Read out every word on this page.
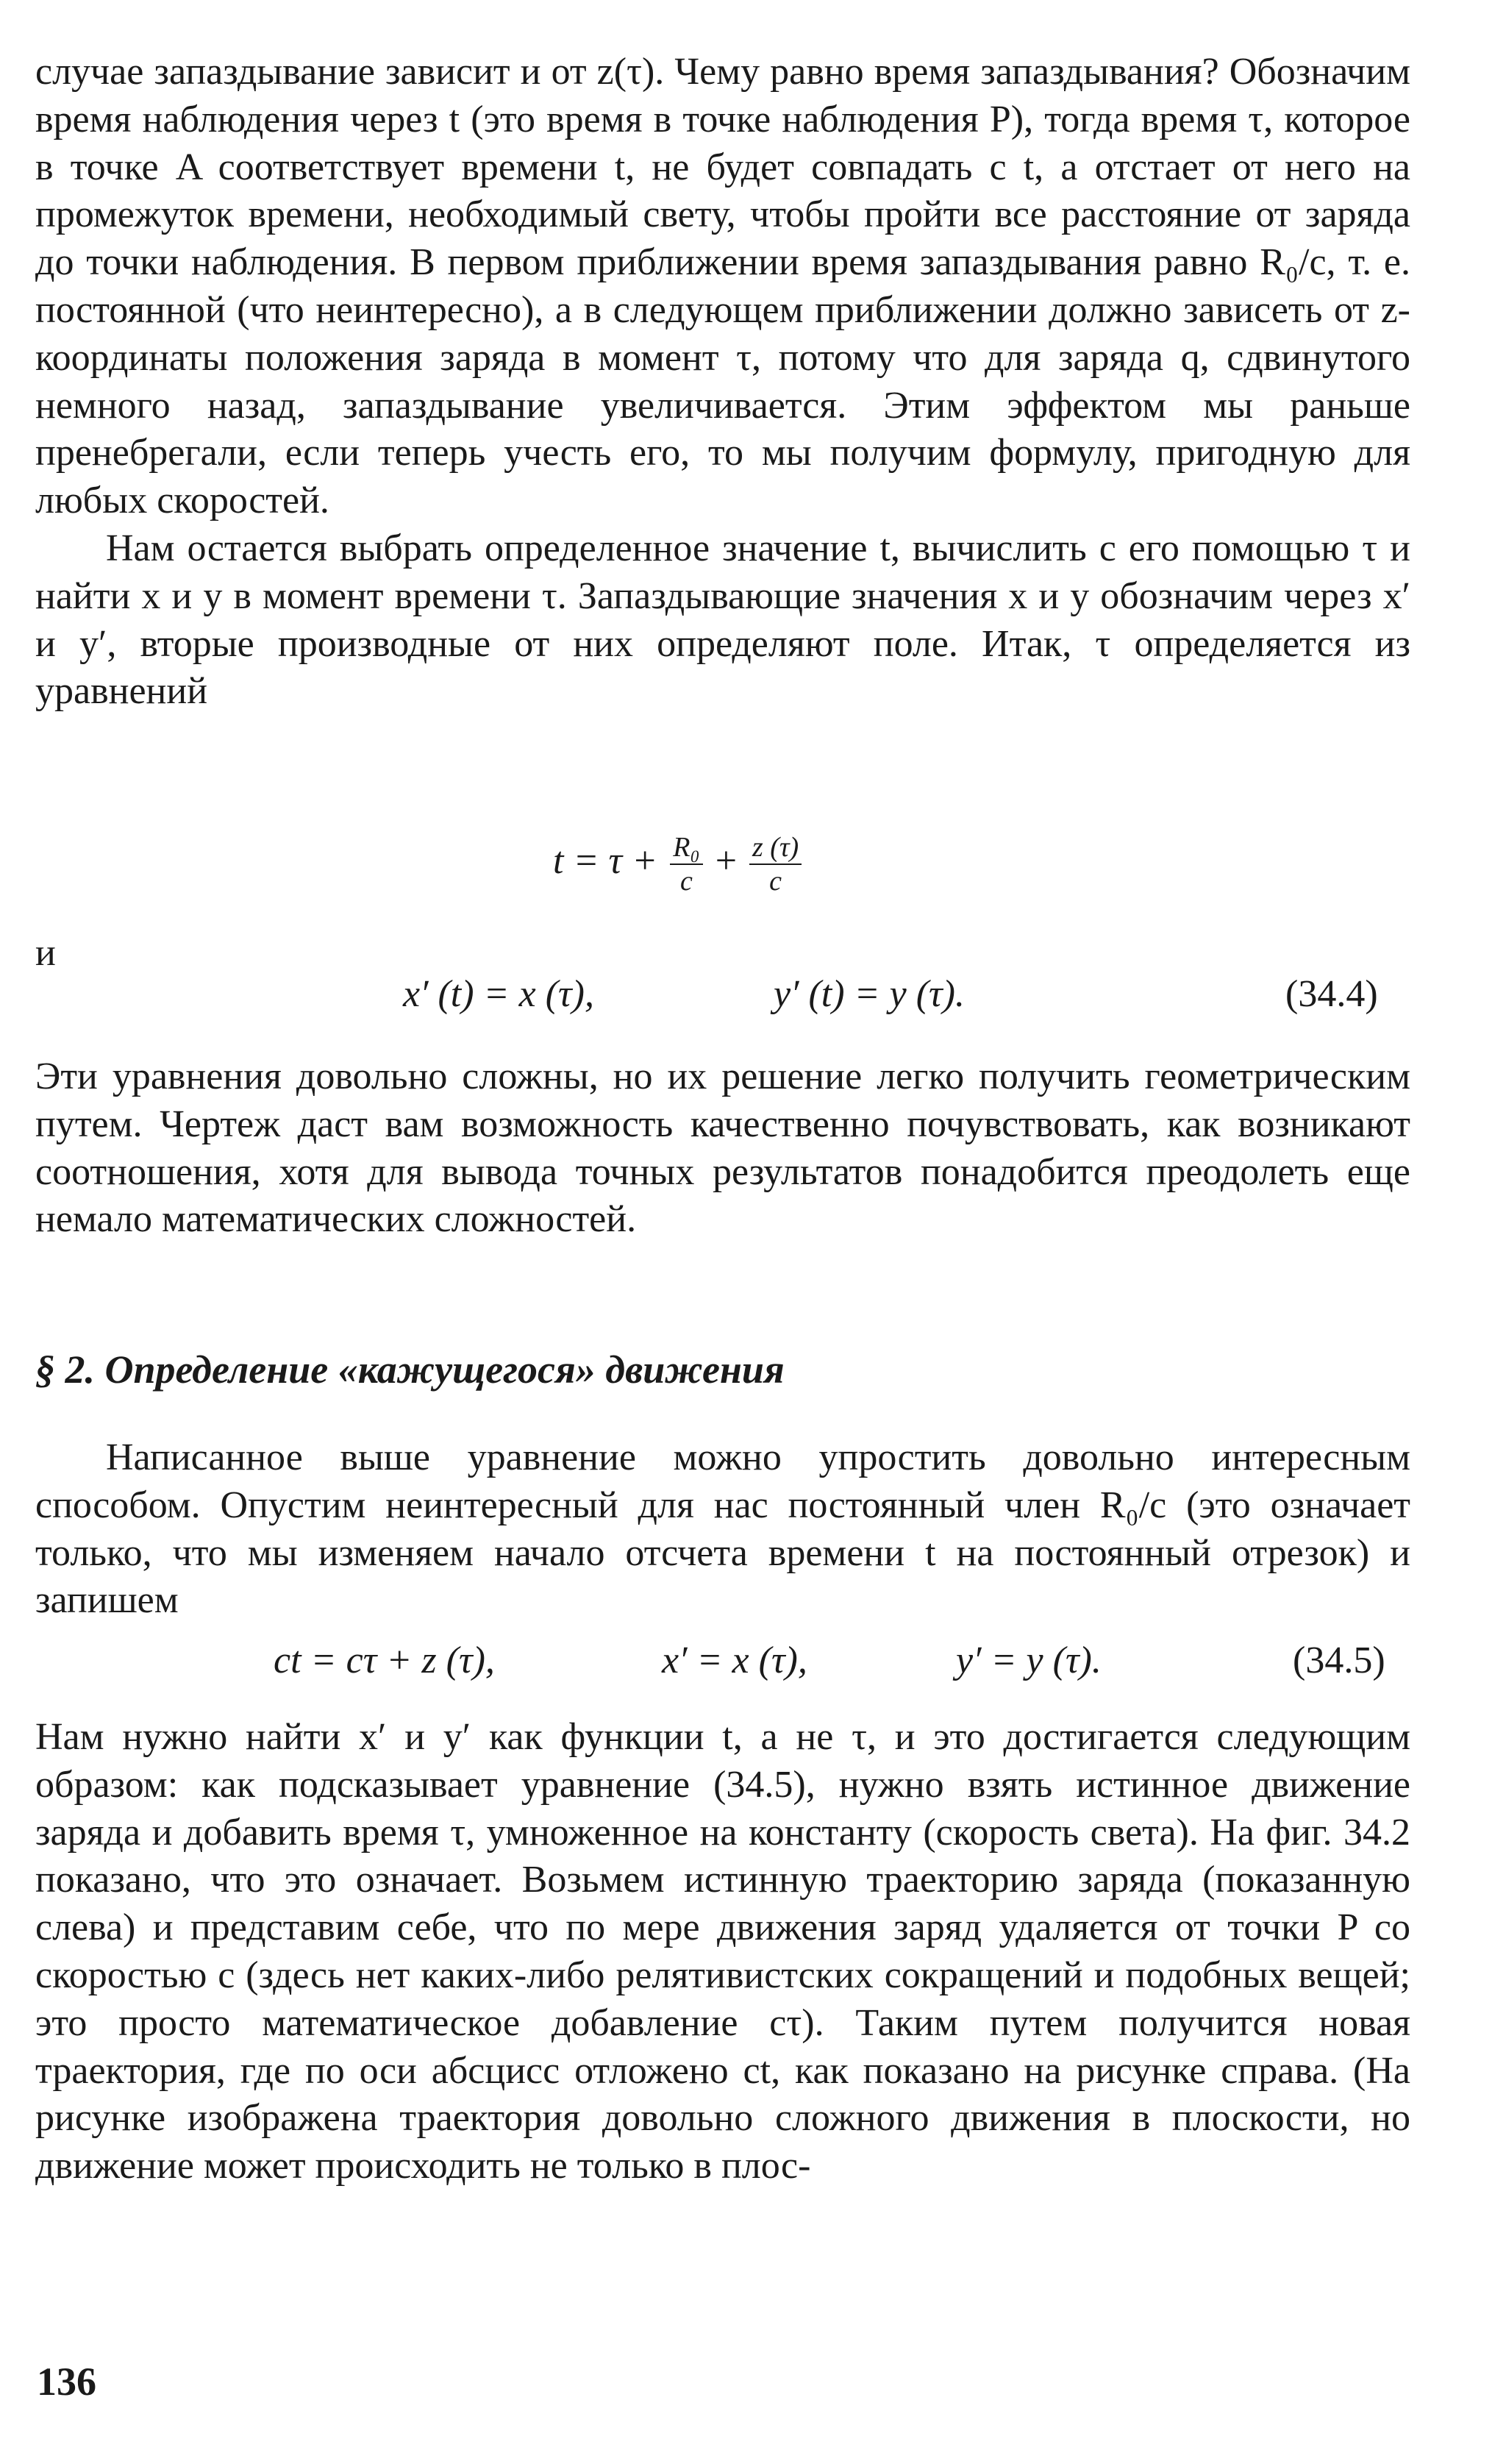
случае запаздывание зависит и от z(τ). Чему равно время запаздывания? Обозначим время наблюдения через t (это время в точке наблюдения P), тогда время τ, которое в точке A соответствует времени t, не будет совпадать с t, а отстает от него на промежуток времени, необходимый свету, чтобы пройти все расстояние от заряда до точки наблюдения. В первом приближении время запаздывания равно R₀/c, т. е. постоянной (что неинтересно), а в следующем приближении должно зависеть от z-координаты положения заряда в момент τ, потому что для заряда q, сдвинутого немного назад, запаздывание увеличивается. Этим эффектом мы раньше пренебрегали, если теперь учесть его, то мы получим формулу, пригодную для любых скоростей.

Нам остается выбрать определенное значение t, вычислить с его помощью τ и найти x и y в момент времени τ. Запаздывающие значения x и y обозначим через x′ и y′, вторые производные от них определяют поле. Итак, τ определяется из уравнений

$t = \tau + \frac{\text{R₀}}{c} + \frac{z (\tau)}{c}$
и
x′ (t) = x (τ),	y′ (t) = y (τ).	(34.4)

Эти уравнения довольно сложны, но их решение легко получить геометрическим путем. Чертеж даст вам возможность качественно почувствовать, как возникают соотношения, хотя для вывода точных результатов понадобится преодолеть еще немало математических сложностей.

§ 2. Определение «кажущегося» движения

Написанное выше уравнение можно упростить довольно интересным способом. Опустим неинтересный для нас постоянный член R₀/c (это означает только, что мы изменяем начало отсчета времени t на постоянный отрезок) и запишем

ct = cτ + z (τ),	x′ = x (τ),	y′ = y (τ).	(34.5)

Нам нужно найти x′ и y′ как функции t, а не τ, и это достигается следующим образом: как подсказывает уравнение (34.5), нужно взять истинное движение заряда и добавить время τ, умноженное на константу (скорость света). На фиг. 34.2 показано, что это означает. Возьмем истинную траекторию заряда (показанную слева) и представим себе, что по мере движения заряд удаляется от точки P со скоростью c (здесь нет каких-либо релятивистских сокращений и подобных вещей; это просто математическое добавление cτ). Таким путем получится новая траектория, где по оси абсцисс отложено ct, как показано на рисунке справа. (На рисунке изображена траектория довольно сложного движения в плоскости, но движение может происходить не только в плос-

136
